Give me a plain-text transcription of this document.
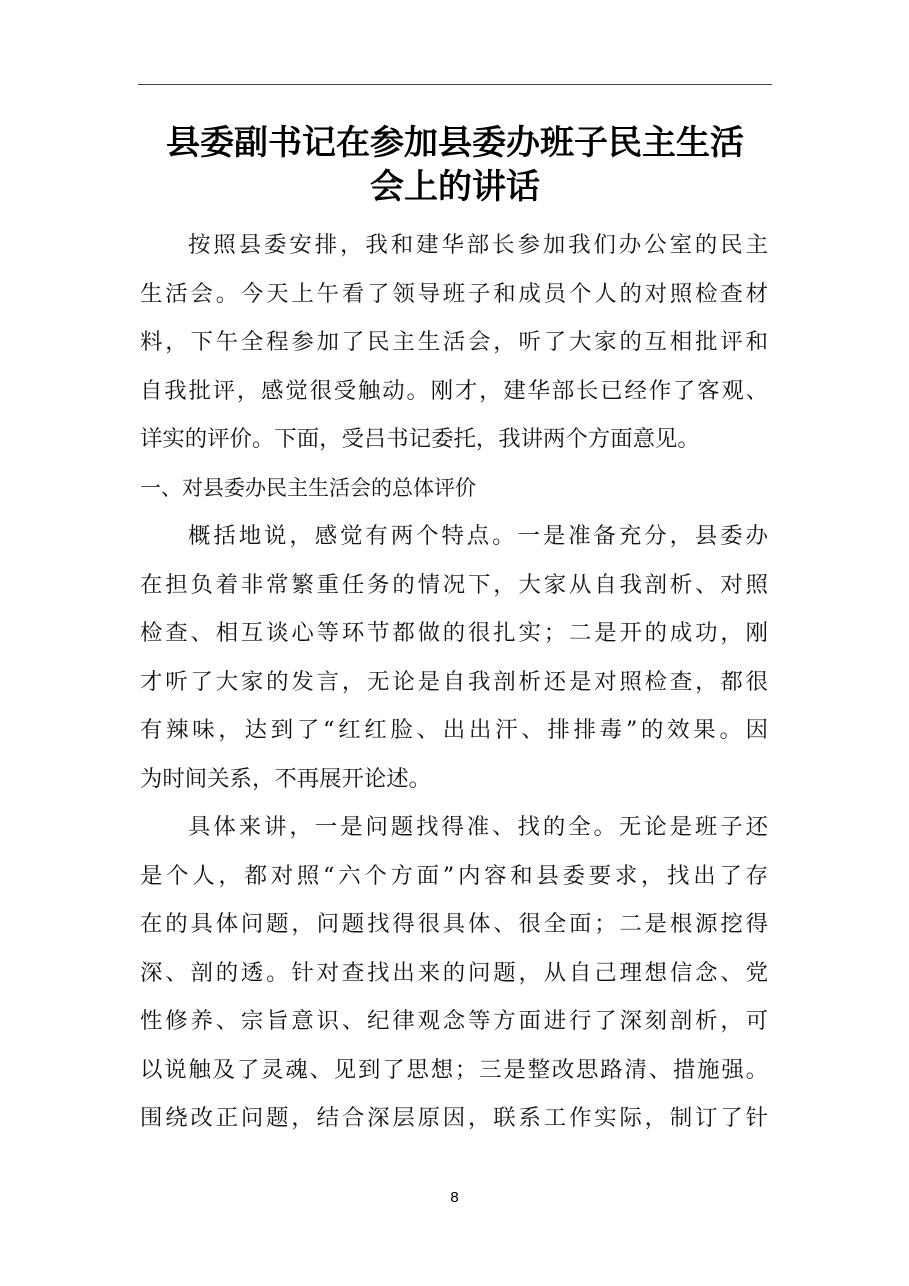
县委副书记在参加县委办班子民主生活
会上的讲话
按照县委安排，我和建华部长参加我们办公室的民主
生活会。今天上午看了领导班子和成员个人的对照检查材
料，下午全程参加了民主生活会，听了大家的互相批评和
自我批评，感觉很受触动。刚才，建华部长已经作了客观、
详实的评价。下面，受吕书记委托，我讲两个方面意见。
一、对县委办民主生活会的总体评价
概括地说，感觉有两个特点。一是准备充分，县委办
在担负着非常繁重任务的情况下，大家从自我剖析、对照
检查、相互谈心等环节都做的很扎实；二是开的成功，刚
才听了大家的发言，无论是自我剖析还是对照检查，都很
有辣味，达到了“红红脸、出出汗、排排毒”的效果。因
为时间关系，不再展开论述。
具体来讲，一是问题找得准、找的全。无论是班子还
是个人，都对照“六个方面”内容和县委要求，找出了存
在的具体问题，问题找得很具体、很全面；二是根源挖得
深、剖的透。针对查找出来的问题，从自己理想信念、党
性修养、宗旨意识、纪律观念等方面进行了深刻剖析，可
以说触及了灵魂、见到了思想；三是整改思路清、措施强。
围绕改正问题，结合深层原因，联系工作实际，制订了针
8
